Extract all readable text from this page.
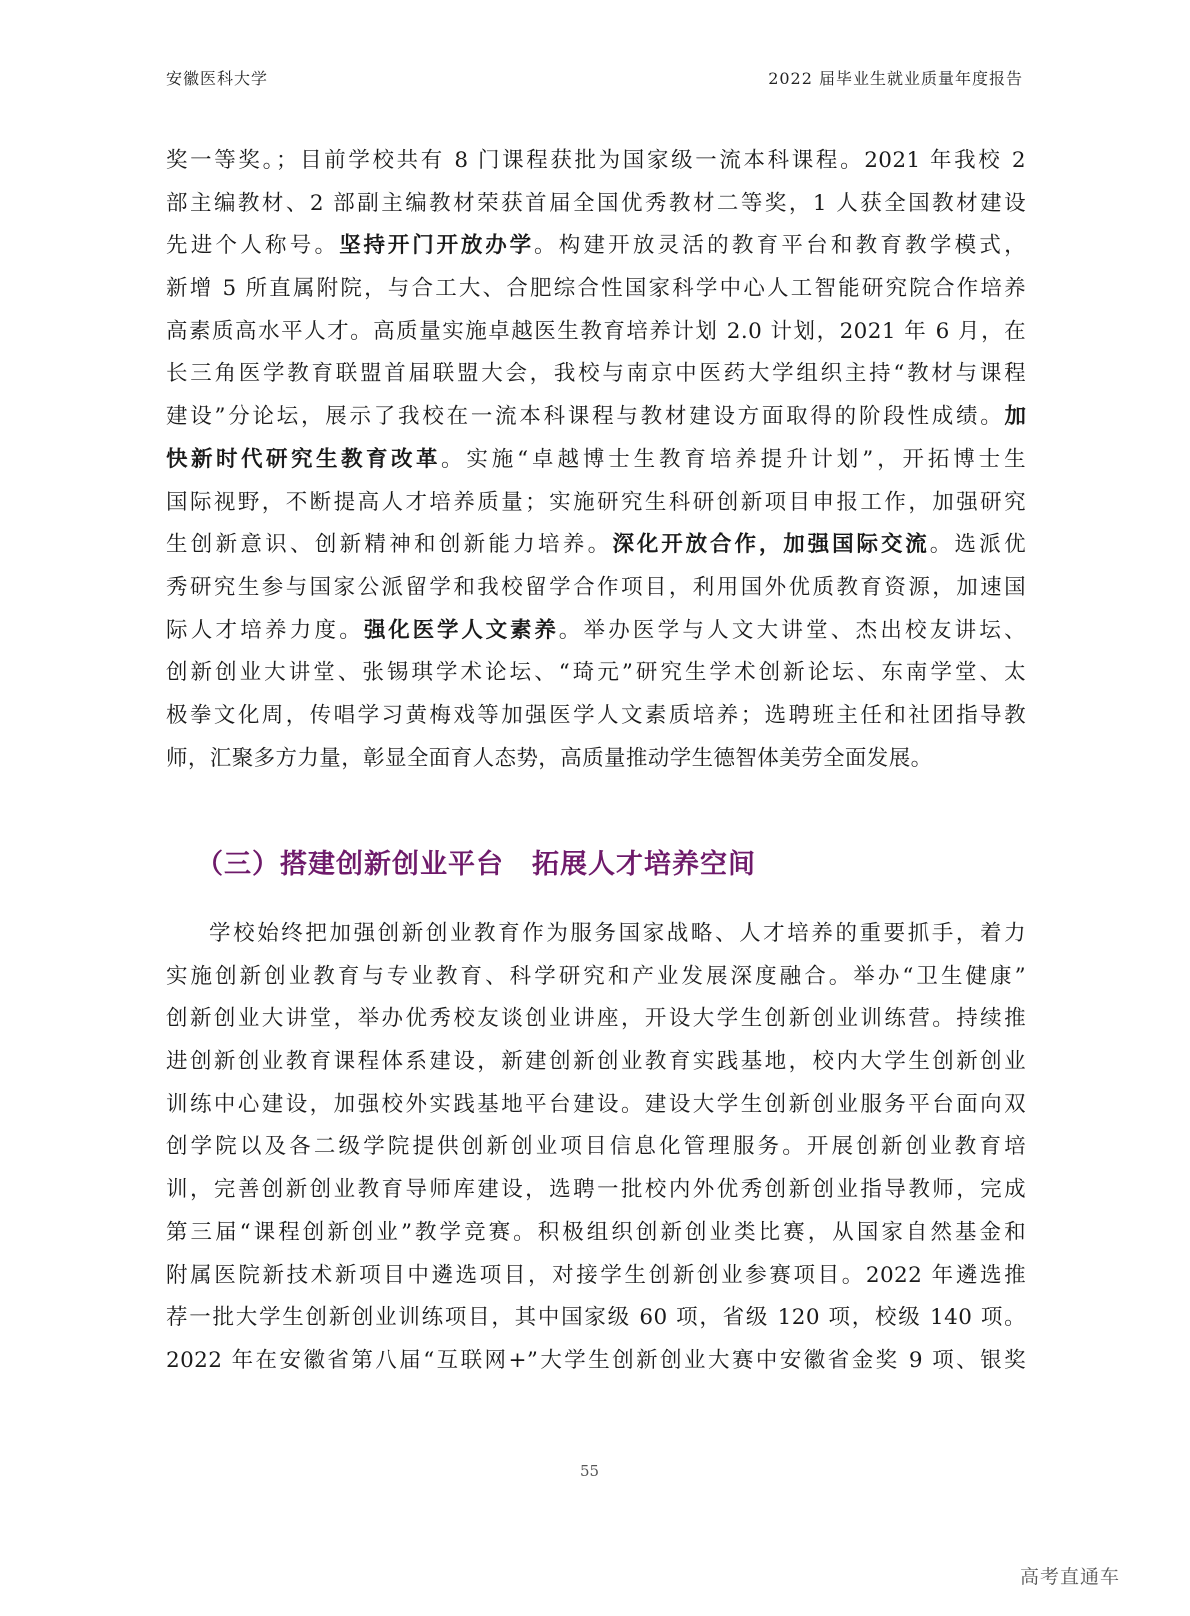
安徽医科大学	2022 届毕业生就业质量年度报告
奖一等奖。；目前学校共有 8 门课程获批为国家级一流本科课程。2021 年我校 2
部主编教材、2 部副主编教材荣获首届全国优秀教材二等奖，1 人获全国教材建设
先进个人称号。坚持开门开放办学。构建开放灵活的教育平台和教育教学模式，
新增 5 所直属附院，与合工大、合肥综合性国家科学中心人工智能研究院合作培养
高素质高水平人才。高质量实施卓越医生教育培养计划 2.0 计划，2021 年 6 月，在
长三角医学教育联盟首届联盟大会，我校与南京中医药大学组织主持“教材与课程
建设”分论坛，展示了我校在一流本科课程与教材建设方面取得的阶段性成绩。加
快新时代研究生教育改革。实施“卓越博士生教育培养提升计划”，开拓博士生
国际视野，不断提高人才培养质量；实施研究生科研创新项目申报工作，加强研究
生创新意识、创新精神和创新能力培养。深化开放合作，加强国际交流。选派优
秀研究生参与国家公派留学和我校留学合作项目，利用国外优质教育资源，加速国
际人才培养力度。强化医学人文素养。举办医学与人文大讲堂、杰出校友讲坛、
创新创业大讲堂、张锡琪学术论坛、“琦元”研究生学术创新论坛、东南学堂、太
极拳文化周，传唱学习黄梅戏等加强医学人文素质培养；选聘班主任和社团指导教
师，汇聚多方力量，彰显全面育人态势，高质量推动学生德智体美劳全面发展。
（三）搭建创新创业平台　拓展人才培养空间
学校始终把加强创新创业教育作为服务国家战略、人才培养的重要抓手，着力
实施创新创业教育与专业教育、科学研究和产业发展深度融合。举办“卫生健康”
创新创业大讲堂，举办优秀校友谈创业讲座，开设大学生创新创业训练营。持续推
进创新创业教育课程体系建设，新建创新创业教育实践基地，校内大学生创新创业
训练中心建设，加强校外实践基地平台建设。建设大学生创新创业服务平台面向双
创学院以及各二级学院提供创新创业项目信息化管理服务。开展创新创业教育培
训，完善创新创业教育导师库建设，选聘一批校内外优秀创新创业指导教师，完成
第三届“课程创新创业”教学竞赛。积极组织创新创业类比赛，从国家自然基金和
附属医院新技术新项目中遴选项目，对接学生创新创业参赛项目。2022 年遴选推
荐一批大学生创新创业训练项目，其中国家级 60 项，省级 120 项，校级 140 项。
2022 年在安徽省第八届“互联网+”大学生创新创业大赛中安徽省金奖 9 项、银奖
55
高考直通车
